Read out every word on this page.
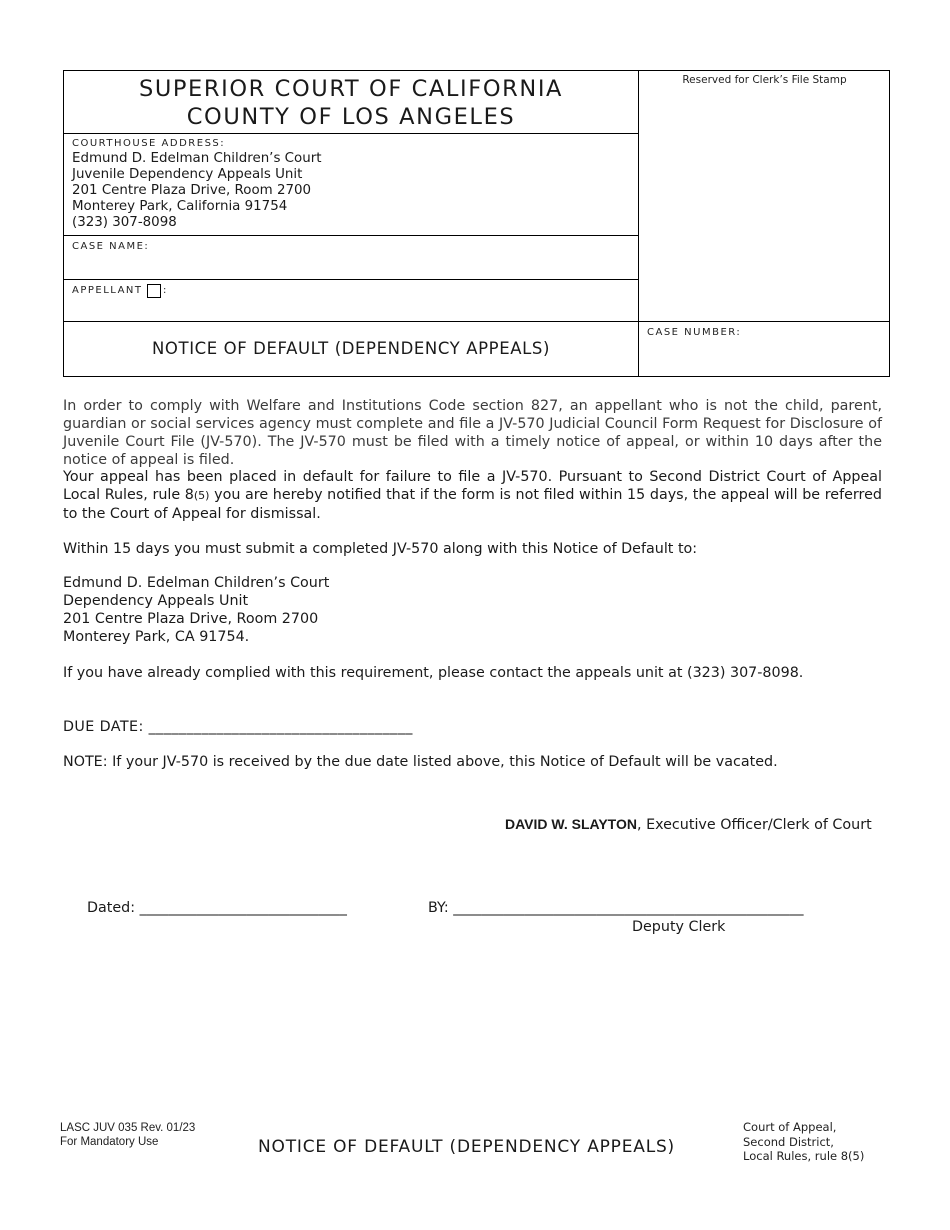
SUPERIOR COURT OF CALIFORNIA
COUNTY OF LOS ANGELES
Reserved for Clerk’s File Stamp
COURTHOUSE ADDRESS:
Edmund D. Edelman Children’s Court
Juvenile Dependency Appeals Unit
201 Centre Plaza Drive, Room 2700
Monterey Park, California 91754
(323) 307-8098
CASE NAME:
APPELLANT :
NOTICE OF DEFAULT (DEPENDENCY APPEALS)
CASE NUMBER:
In order to comply with Welfare and Institutions Code section 827, an appellant who is not the child, parent, guardian or social services agency must complete and file a JV-570 Judicial Council Form Request for Disclosure of Juvenile Court File (JV-570). The JV-570 must be filed with a timely notice of appeal, or within 10 days after the notice of appeal is filed.
Your appeal has been placed in default for failure to file a JV-570. Pursuant to Second District Court of Appeal Local Rules, rule 8(5) you are hereby notified that if the form is not filed within 15 days, the appeal will be referred to the Court of Appeal for dismissal.
Within 15 days you must submit a completed JV-570 along with this Notice of Default to:
Edmund D. Edelman Children’s Court
Dependency Appeals Unit
201 Centre Plaza Drive, Room 2700
Monterey Park, CA 91754.
If you have already complied with this requirement, please contact the appeals unit at (323) 307-8098.
DUE DATE: ___________________________________
NOTE: If your JV-570 is received by the due date listed above, this Notice of Default will be vacated.
DAVID W. SLAYTON, Executive Officer/Clerk of Court
Dated: _____________________________	BY: _________________________________________________
Deputy Clerk
LASC JUV 035 Rev. 01/23
For Mandatory Use	NOTICE OF DEFAULT (DEPENDENCY APPEALS)
Court of Appeal,
Second District,
Local Rules, rule 8(5)
